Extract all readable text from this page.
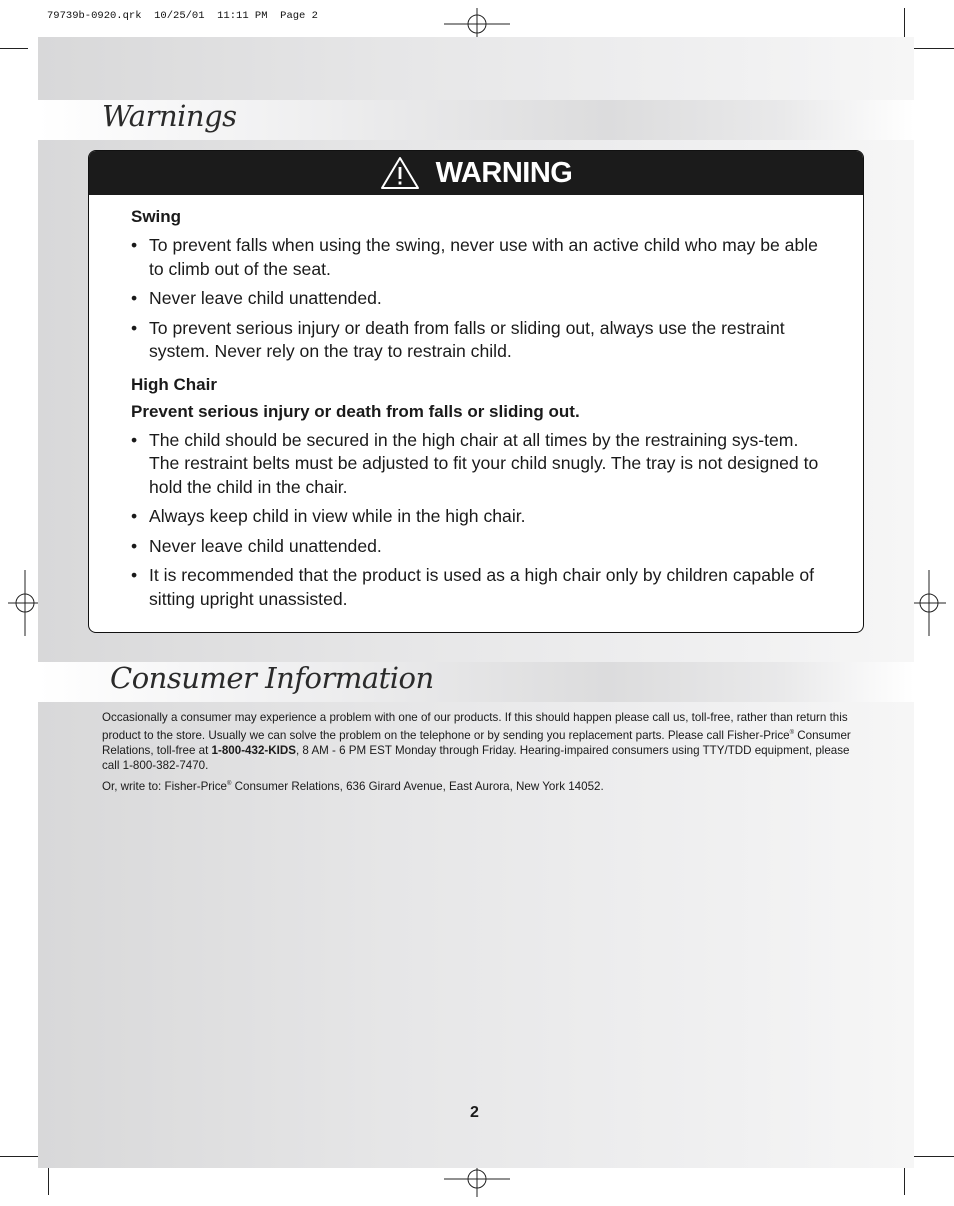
79739b-0920.qrk  10/25/01  11:11 PM  Page 2
Warnings
WARNING
Swing
• To prevent falls when using the swing, never use with an active child who may be able to climb out of the seat.
• Never leave child unattended.
• To prevent serious injury or death from falls or sliding out, always use the restraint system. Never rely on the tray to restrain child.
High Chair
Prevent serious injury or death from falls or sliding out.
• The child should be secured in the high chair at all times by the restraining sys-tem. The restraint belts must be adjusted to fit your child snugly. The tray is not designed to hold the child in the chair.
• Always keep child in view while in the high chair.
• Never leave child unattended.
• It is recommended that the product is used as a high chair only by children capable of sitting upright unassisted.
Consumer Information

Occasionally a consumer may experience a problem with one of our products. If this should happen please call us, toll-free, rather than return this product to the store. Usually we can solve the problem on the telephone or by sending you replacement parts. Please call Fisher-Price® Consumer Relations, toll-free at 1-800-432-KIDS, 8 AM - 6 PM EST Monday through Friday. Hearing-impaired consumers using TTY/TDD equipment, please call 1-800-382-7470.

Or, write to: Fisher-Price® Consumer Relations, 636 Girard Avenue, East Aurora, New York 14052.

2
